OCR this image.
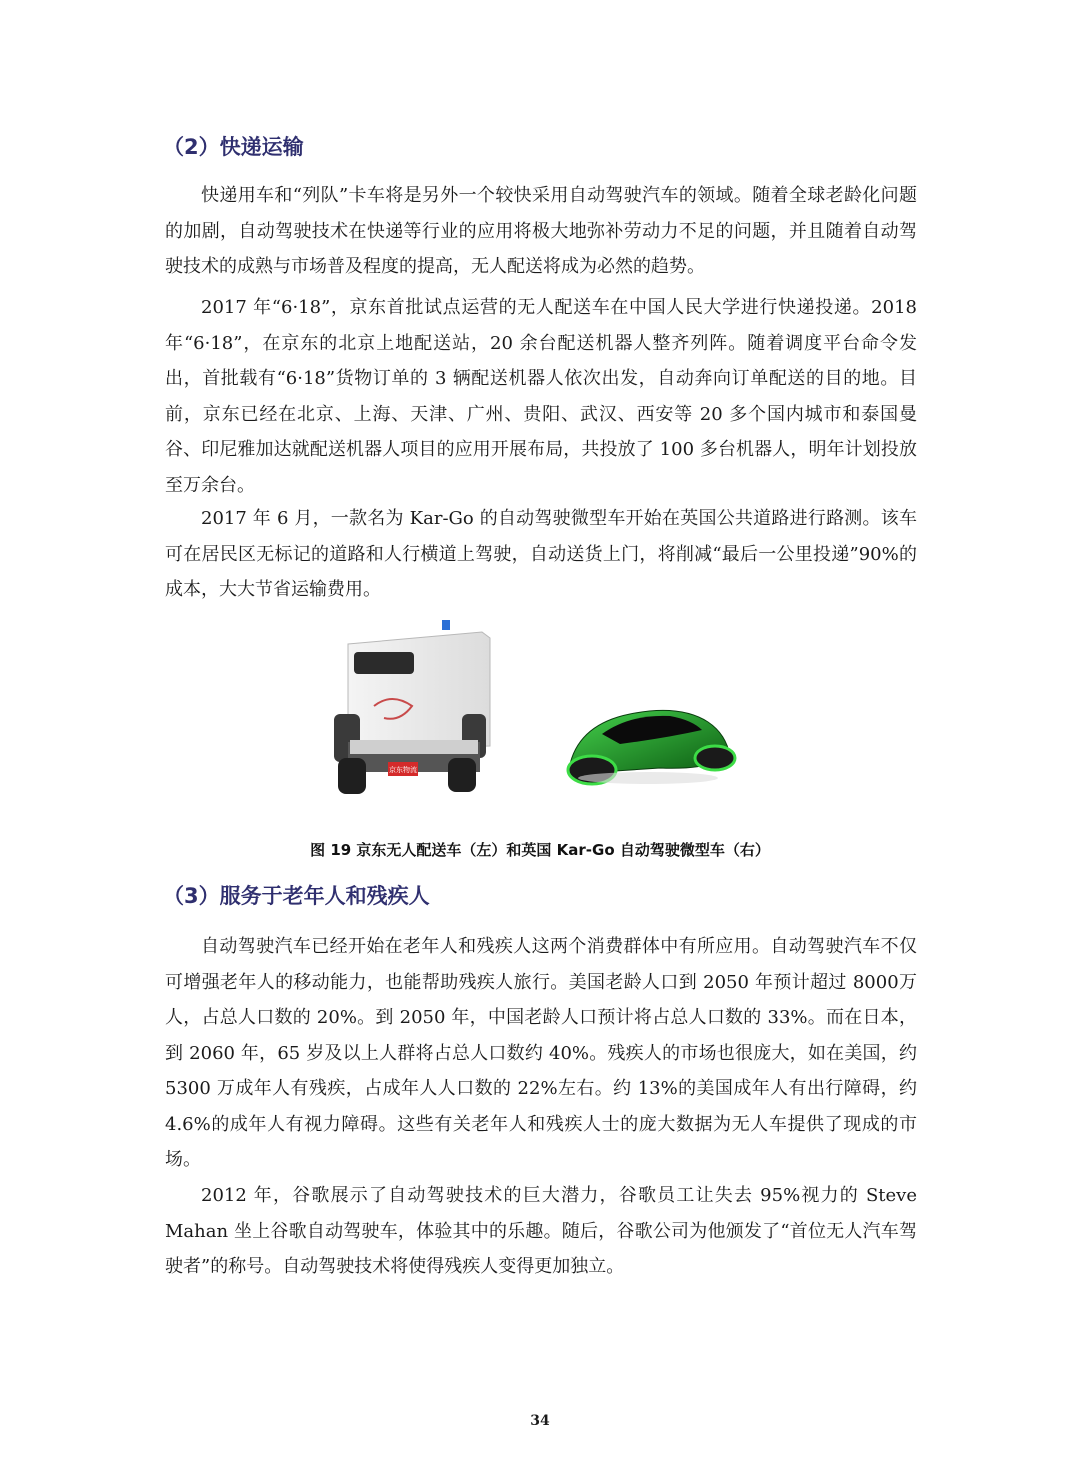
（2）快递运输

快递用车和“列队”卡车将是另外一个较快采用自动驾驶汽车的领域。随着全球老龄化问题的加剧，自动驾驶技术在快递等行业的应用将极大地弥补劳动力不足的问题，并且随着自动驾驶技术的成熟与市场普及程度的提高，无人配送将成为必然的趋势。

2017 年“6·18”，京东首批试点运营的无人配送车在中国人民大学进行快递投递。2018年“6·18”，在京东的北京上地配送站，20 余台配送机器人整齐列阵。随着调度平台命令发出，首批载有“6·18”货物订单的 3 辆配送机器人依次出发，自动奔向订单配送的目的地。目前，京东已经在北京、上海、天津、广州、贵阳、武汉、西安等 20 多个国内城市和泰国曼谷、印尼雅加达就配送机器人项目的应用开展布局，共投放了 100 多台机器人，明年计划投放至万余台。

2017 年 6 月，一款名为 Kar-Go 的自动驾驶微型车开始在英国公共道路进行路测。该车可在居民区无标记的道路和人行横道上驾驶，自动送货上门，将削减“最后一公里投递”90%的成本，大大节省运输费用。

京东物流
图 19 京东无人配送车（左）和英国 Kar-Go 自动驾驶微型车（右）
（3）服务于老年人和残疾人

自动驾驶汽车已经开始在老年人和残疾人这两个消费群体中有所应用。自动驾驶汽车不仅可增强老年人的移动能力，也能帮助残疾人旅行。美国老龄人口到 2050 年预计超过 8000万人，占总人口数的 20%。到 2050 年，中国老龄人口预计将占总人口数的 33%。而在日本，到 2060 年，65 岁及以上人群将占总人口数约 40%。残疾人的市场也很庞大，如在美国，约5300 万成年人有残疾，占成年人人口数的 22%左右。约 13%的美国成年人有出行障碍，约4.6%的成年人有视力障碍。这些有关老年人和残疾人士的庞大数据为无人车提供了现成的市场。

2012 年，谷歌展示了自动驾驶技术的巨大潜力，谷歌员工让失去 95%视力的 Steve Mahan 坐上谷歌自动驾驶车，体验其中的乐趣。随后，谷歌公司为他颁发了“首位无人汽车驾驶者”的称号。自动驾驶技术将使得残疾人变得更加独立。

34
